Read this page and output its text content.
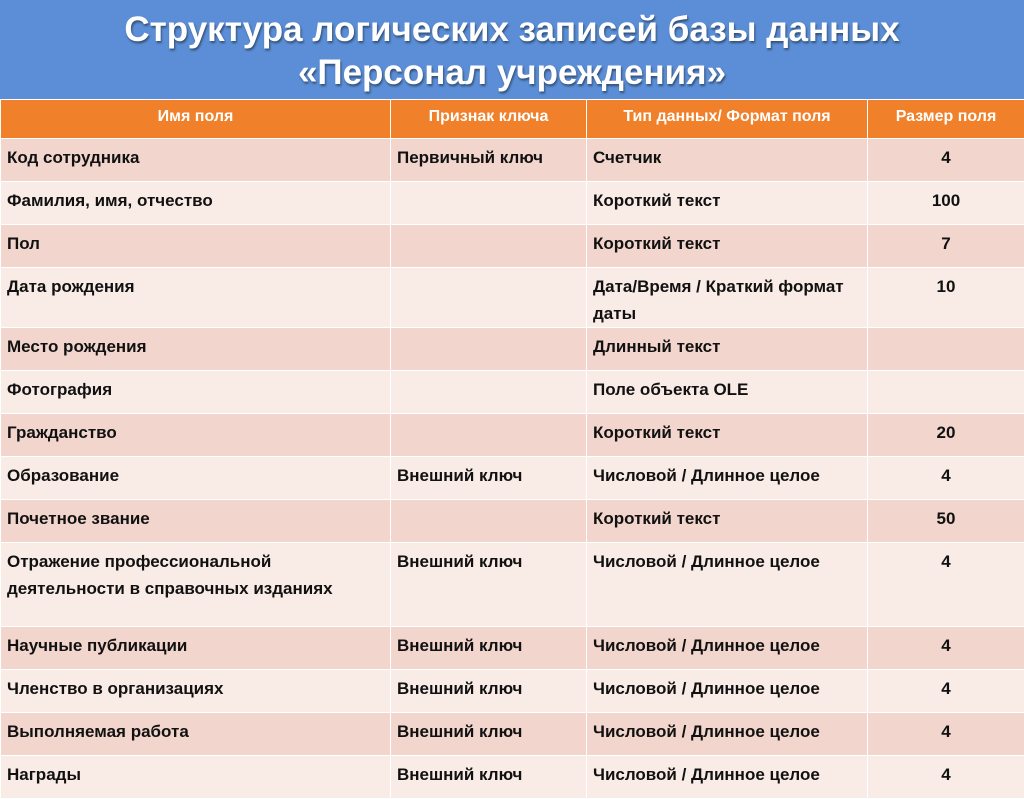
Структура логических записей базы данных
«Персонал учреждения»
Имя поля	Признак ключа	Тип данных/ Формат поля	Размер поля
Код сотрудника	Первичный ключ	Счетчик	4
Фамилия, имя, отчество		Короткий текст	100
Пол		Короткий текст	7
Дата рождения		Дата/Время / Краткий формат даты	10
Место рождения		Длинный текст	
Фотография		Поле объекта OLE	
Гражданство		Короткий текст	20
Образование	Внешний ключ	Числовой / Длинное целое	4
Почетное звание		Короткий текст	50
Отражение профессиональной деятельности в справочных изданиях	Внешний ключ	Числовой / Длинное целое	4
Научные публикации	Внешний ключ	Числовой / Длинное целое	4
Членство в организациях	Внешний ключ	Числовой / Длинное целое	4
Выполняемая работа	Внешний ключ	Числовой / Длинное целое	4
Награды	Внешний ключ	Числовой / Длинное целое	4
